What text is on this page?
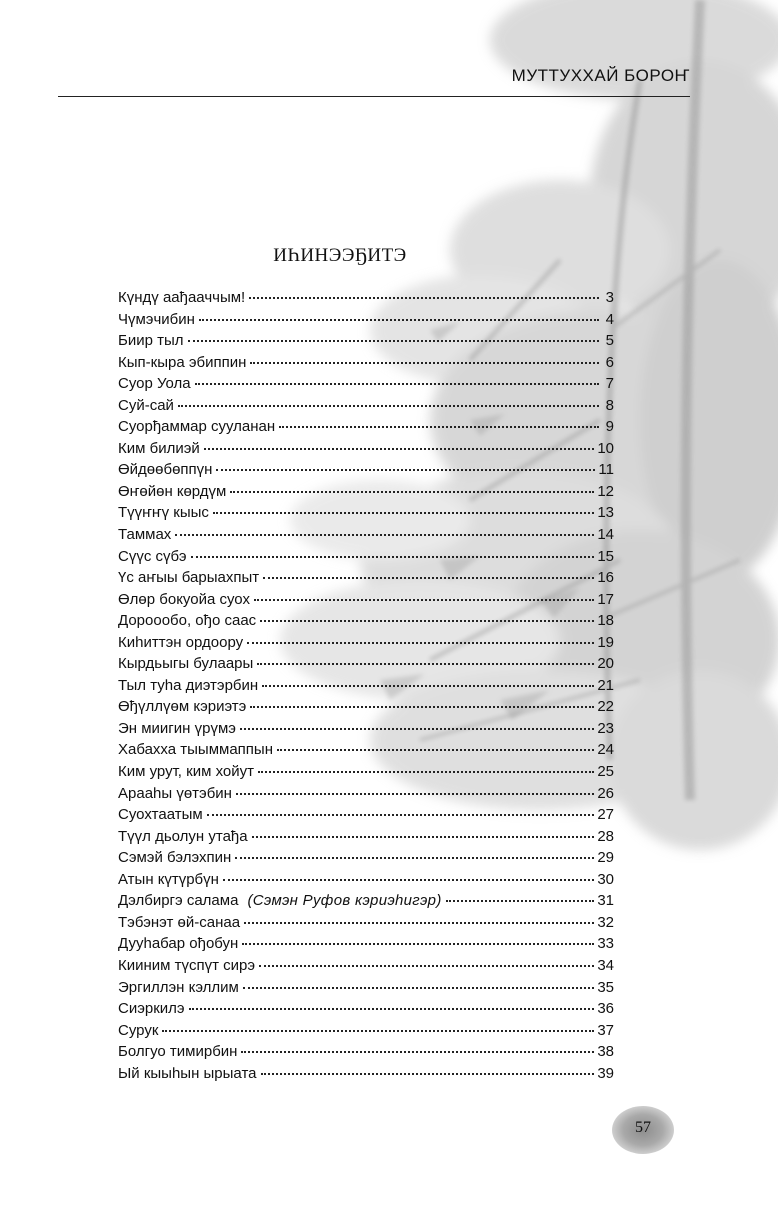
МУТТУХХАЙ БОРОҤ
ИҺИНЭЭҔИТЭ
Күндү аађааччым!	3
Чүмэчибин	4
Биир тыл	5
Кып-кыра эбиппин	6
Суор Уола	7
Суй-сай	8
Суорђаммар сууланан	9
Ким билиэй	10
Өйдөөбөппүн	11
Өҥөйөн көрдүм	12
Түүҥҥү кыыс	13
Таммах	14
Сүүс сүбэ	15
Үс аҥыы барыахпыт	16
Өлөр бокуойа суох	17
Дороообо, ођо саас	18
Киһиттэн ордоору	19
Кырдьыгы булаары	20
Тыл туһа диэтэрбин	21
Өђүллүөм кэриэтэ	22
Эн миигин үрүмэ	23
Хабахха тыыммаппын	24
Ким урут, ким хойут	25
Арааһы үөтэбин	26
Суохтаатым	27
Түүл дьолун утађа	28
Сэмэй бэлэхпин	29
Атын күтүрбүн	30
Дэлбиргэ салама (Сэмэн Руфов кэриэһигэр)	31
Тэбэнэт өй-санаа	32
Дууһабар ођобун	33
Кииним түспүт сирэ	34
Эргиллэн кэллим	35
Сиэркилэ	36
Сурук	37
Болгуо тимирбин	38
Ый кыыһын ырыата	39
57
